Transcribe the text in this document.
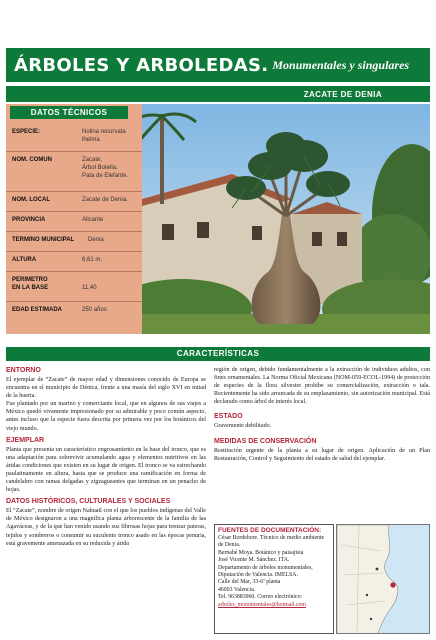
ÁRBOLES Y ARBOLEDAS. Monumentales y singulares
ZACATE DE DENIA
DATOS TÉCNICOS
ESPECIE:	Nolina recurvata
lhelma
NOM. COMUN	Zacate,
Árbol Botella,
Pata de Elefante.
NOM. LOCAL	Zacate de Denia.
PROVINCIA	Alicante
TERMINO MUNICIPAL	Denia
ALTURA	6,61 m.
PERIMETRO
EN LA BASE	11,40
EDAD ESTIMADA	250 años
CARACTERÍSTICAS
ENTORNO
El ejemplar de “Zacate” de mayor edad y dimensiones conocido de Europa se encuentra en el municipio de Dénica, frente a una masía del siglo XVI en mitad de la huerta.
Fue plantado por un marino y comerciante local, que en algunos de sus viajes a México quedó vivamente impresionado por su admirable y poco común aspecto, antes incluso que la especie fuera descrita por primera vez por los botánicos del viejo mundo.
EJEMPLAR
Planta que presenta un característico engrosamiento en la base del tronco, que es una adaptación para sobrevivir acumulando agua y elementos nutritivos en las áridas condiciones que existen en su lugar de origen. El tronco se va estrechando paulatinamente en altura, hasta que se produce una ramificación en forma de candelabro con ramas delgadas y zigzagueantes que terminan en un penacho de hojas.
DATOS HISTÓRICOS, CULTURALES Y SOCIALES
El “Zacate”, nombre de origen Nahuatl con el que los pueblos indígenas del Valle de México designaron a una magnífica planta arborescente de la familia de las Agaváceas, y de la que han venido usando sus fibrosas hojas para trenzar pateras, tejidos y sombreros o consumir su suculento tronco asado en las épocas penuria, está gravemente amenazada en su reducida y árida
región de origen, debido fundamentalmente a la extracción de individuos adultos, con fines ornamentales. La Norma Oficial Mexicana (NOM-059-ECOL-1994) de protección de especies de la flora silvestre prohíbe su comercialización, extracción o tala. Recientemente ha sido arrancada de su emplazamiento, sin autorización municipal. Está declarado como árbol de interés local.
ESTADO
Gravemente debilitado.
MEDIDAS DE CONSERVACIÓN
Restitución urgente de la planta a su lugar de origen. Aplicación de un Plan Restauración, Control y Seguimiento del estado de salud del ejemplar.
FUENTES DE DOCUMENTACIÓN:
César Bordehore. Técnico de medio ambiente de Denia.
Bernabé Moya. Botánico y paisajista
José Vicente M. Sánchez. ITA.
Departamento de árboles monumentales,
Diputación de Valencia. IMELSA.
Calle del Mar, 33-6ª planta
46003 Valencia.
Tel. 963883960. Correo electrónico:
arboles_monumentales@hotmail.com
